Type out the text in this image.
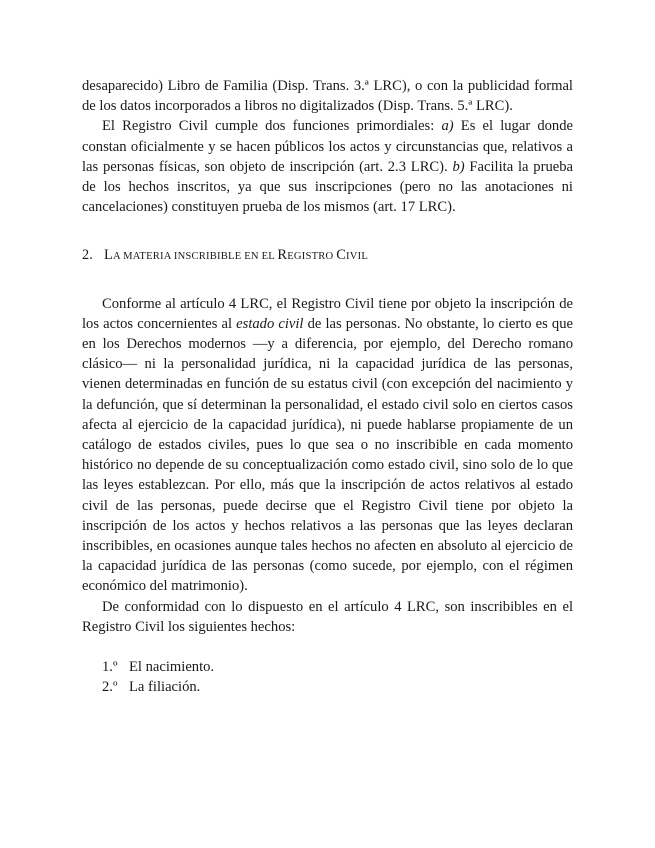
desaparecido) Libro de Familia (Disp. Trans. 3.ª LRC), o con la publicidad formal de los datos incorporados a libros no digitalizados (Disp. Trans. 5.ª LRC).

El Registro Civil cumple dos funciones primordiales: a) Es el lugar donde constan oficialmente y se hacen públicos los actos y circunstancias que, relativos a las personas físicas, son objeto de inscripción (art. 2.3 LRC). b) Facilita la prueba de los hechos inscritos, ya que sus inscripciones (pero no las anotaciones ni cancelaciones) constituyen prueba de los mismos (art. 17 LRC).

2. LA MATERIA INSCRIBIBLE EN EL REGISTRO CIVIL

Conforme al artículo 4 LRC, el Registro Civil tiene por objeto la inscripción de los actos concernientes al estado civil de las personas. No obstante, lo cierto es que en los Derechos modernos —y a diferencia, por ejemplo, del Derecho romano clásico— ni la personalidad jurídica, ni la capacidad jurídica de las personas, vienen determinadas en función de su estatus civil (con excepción del nacimiento y la defunción, que sí determinan la personalidad, el estado civil solo en ciertos casos afecta al ejercicio de la capacidad jurídica), ni puede hablarse propiamente de un catálogo de estados civiles, pues lo que sea o no inscribible en cada momento histórico no depende de su conceptualización como estado civil, sino solo de lo que las leyes establezcan. Por ello, más que la inscripción de actos relativos al estado civil de las personas, puede decirse que el Registro Civil tiene por objeto la inscripción de los actos y hechos relativos a las personas que las leyes declaran inscribibles, en ocasiones aunque tales hechos no afecten en absoluto al ejercicio de la capacidad jurídica de las personas (como sucede, por ejemplo, con el régimen económico del matrimonio).

De conformidad con lo dispuesto en el artículo 4 LRC, son inscribibles en el Registro Civil los siguientes hechos:

1.º El nacimiento.
2.º La filiación.
